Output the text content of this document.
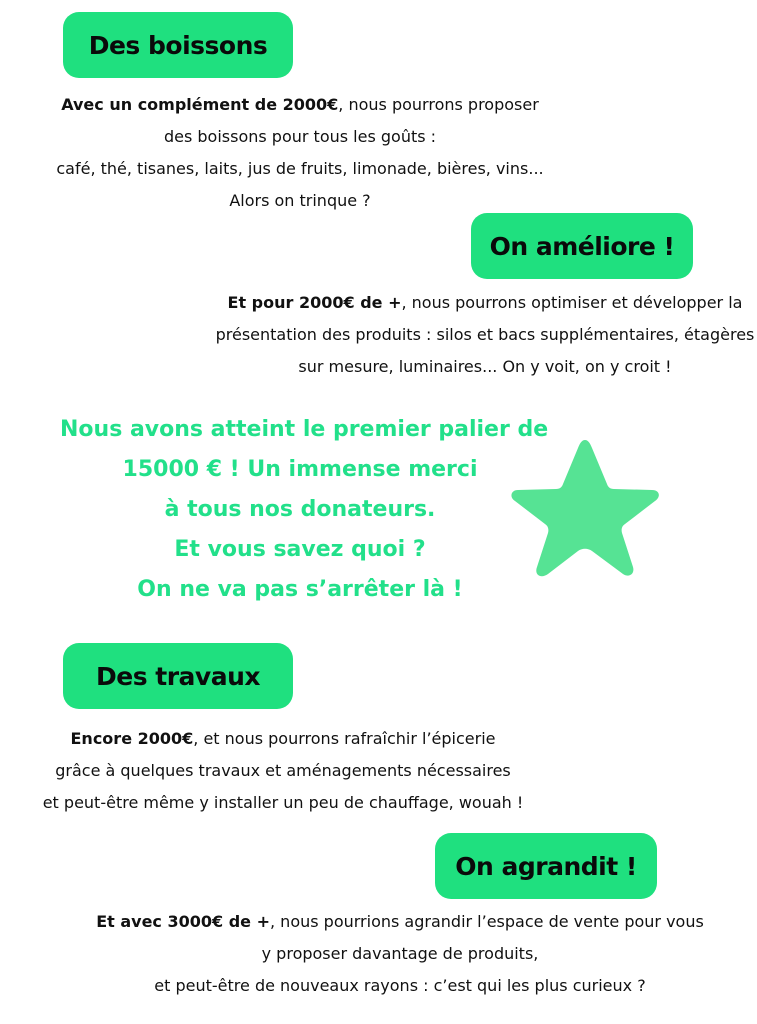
Des boissons
Avec un complément de 2000€, nous pourrons proposer
des boissons pour tous les goûts :
café, thé, tisanes, laits, jus de fruits, limonade, bières, vins...
Alors on trinque ?
On améliore !
Et pour 2000€ de +, nous pourrons optimiser et développer la
présentation des produits : silos et bacs supplémentaires, étagères
sur mesure, luminaires... On y voit, on y croit !
Nous avons atteint le premier palier de
15000 € ! Un immense merci
à tous nos donateurs.
Et vous savez quoi ?
On ne va pas s’arrêter là !
Des travaux
Encore 2000€, et nous pourrons rafraîchir l’épicerie
grâce à quelques travaux et aménagements nécessaires
et peut-être même y installer un peu de chauffage, wouah !
On agrandit !
Et avec 3000€ de +, nous pourrions agrandir l’espace de vente pour vous
y proposer davantage de produits,
et peut-être de nouveaux rayons : c’est qui les plus curieux ?
